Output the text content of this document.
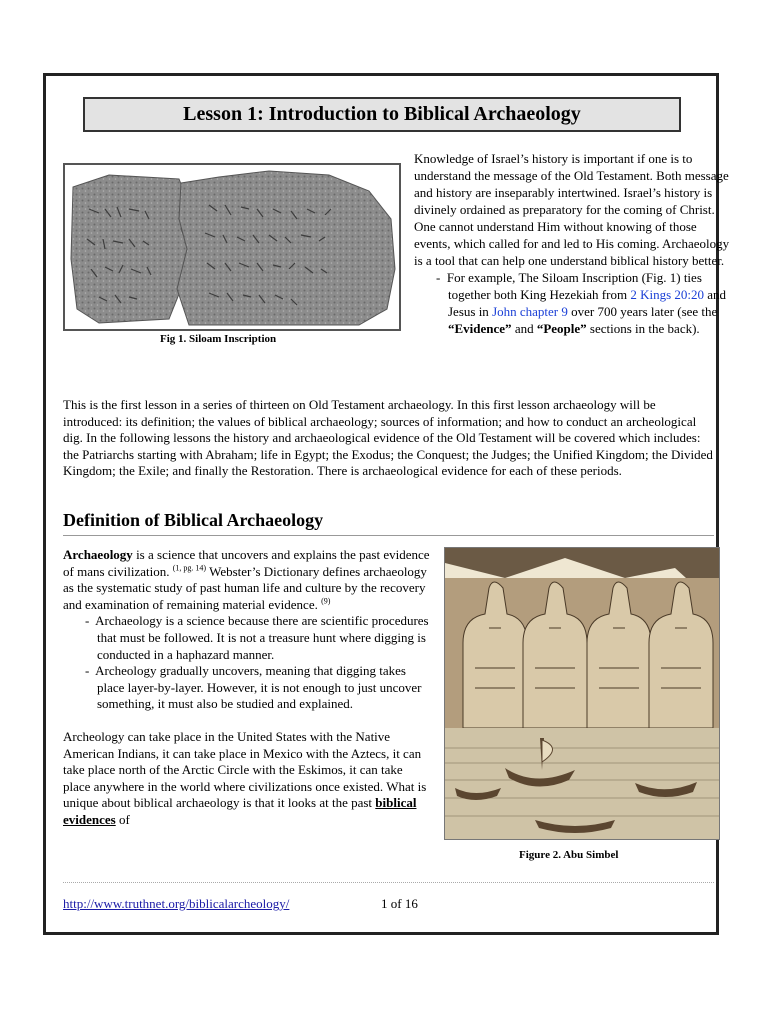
Lesson 1: Introduction to Biblical Archaeology
Fig 1. Siloam Inscription
Knowledge of Israel’s history is important if one is to understand the message of the Old Testament. Both message and history are inseparably intertwined. Israel’s history is divinely ordained as preparatory for the coming of Christ. One cannot understand Him without knowing of those events, which called for and led to His coming. Archaeology is a tool that can help one understand biblical history better.
-  For example, The Siloam Inscription (Fig. 1) ties together both King Hezekiah from 2 Kings 20:20 and Jesus in John chapter 9 over 700 years later (see the “Evidence” and “People” sections in the back).
This is the first lesson in a series of thirteen on Old Testament archaeology. In this first lesson archaeology will be introduced: its definition; the values of biblical archaeology; sources of information; and how to conduct an archeological dig. In the following lessons the history and archaeological evidence of the Old Testament will be covered which includes: the Patriarchs starting with Abraham; life in Egypt; the Exodus; the Conquest; the Judges; the Unified Kingdom; the Divided Kingdom; the Exile; and finally the Restoration. There is archaeological evidence for each of these periods.
Definition of Biblical Archaeology

Archaeology is a science that uncovers and explains the past evidence of mans civilization. $^{(1, pg. 14)}$ Webster’s Dictionary defines archaeology as the systematic study of past human life and culture by the recovery and examination of remaining material evidence. $^{(9)}$

-  Archaeology is a science because there are scientific procedures that must be followed. It is not a treasure hunt where digging is conducted in a haphazard manner.

-  Archeology gradually uncovers, meaning that digging takes place layer-by-layer. However, it is not enough to just uncover something, it must also be studied and explained.

Archeology can take place in the United States with the Native American Indians, it can take place in Mexico with the Aztecs, it can take place north of the Arctic Circle with the Eskimos, it can take place anywhere in the world where civilizations once existed. What is unique about biblical archaeology is that it looks at the past biblical evidences of

Figure 2. Abu Simbel
http://www.truthnet.org/biblicalarcheology/	1 of 16
